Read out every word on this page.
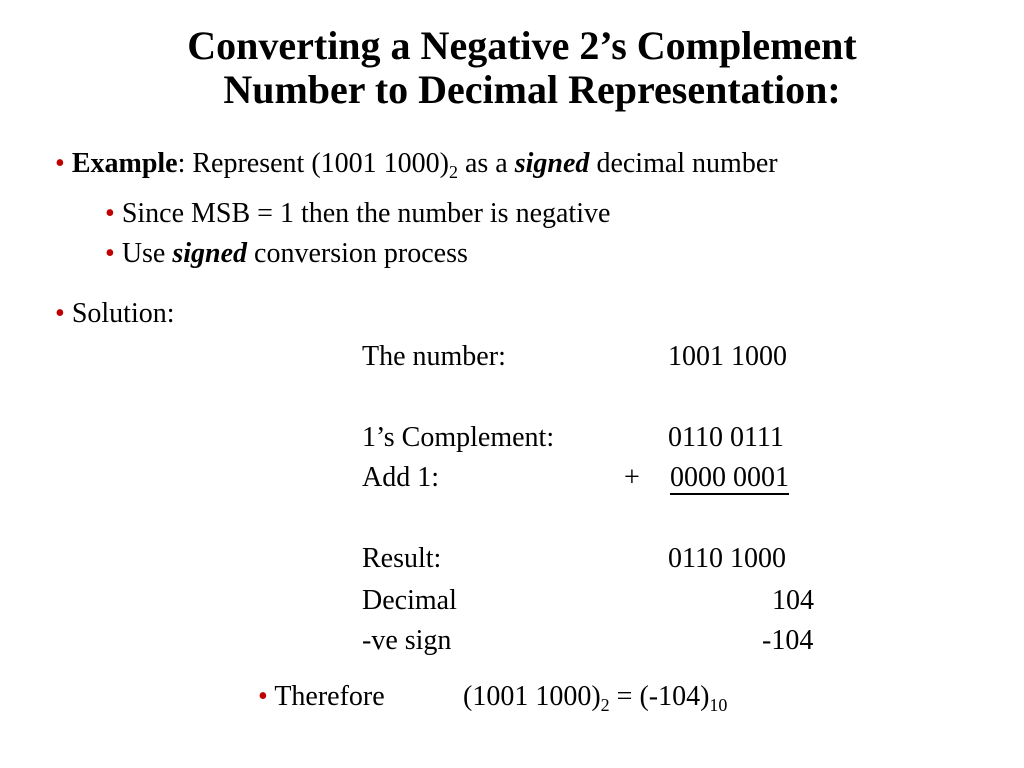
Converting a Negative 2’s Complement
Number to Decimal Representation:
• Example: Represent (1001 $1000)_2$ as a signed decimal number
• Since MSB = 1 then the number is negative
• Use signed conversion process
• Solution:
The number:	1001 1000
1’s Complement:	0110 0111
Add 1:	+ 0000 0001
Result:	0110 1000
Decimal	104
-ve sign	-104
• Therefore	(1001 $1000)_2 = (-104)_{10}$
